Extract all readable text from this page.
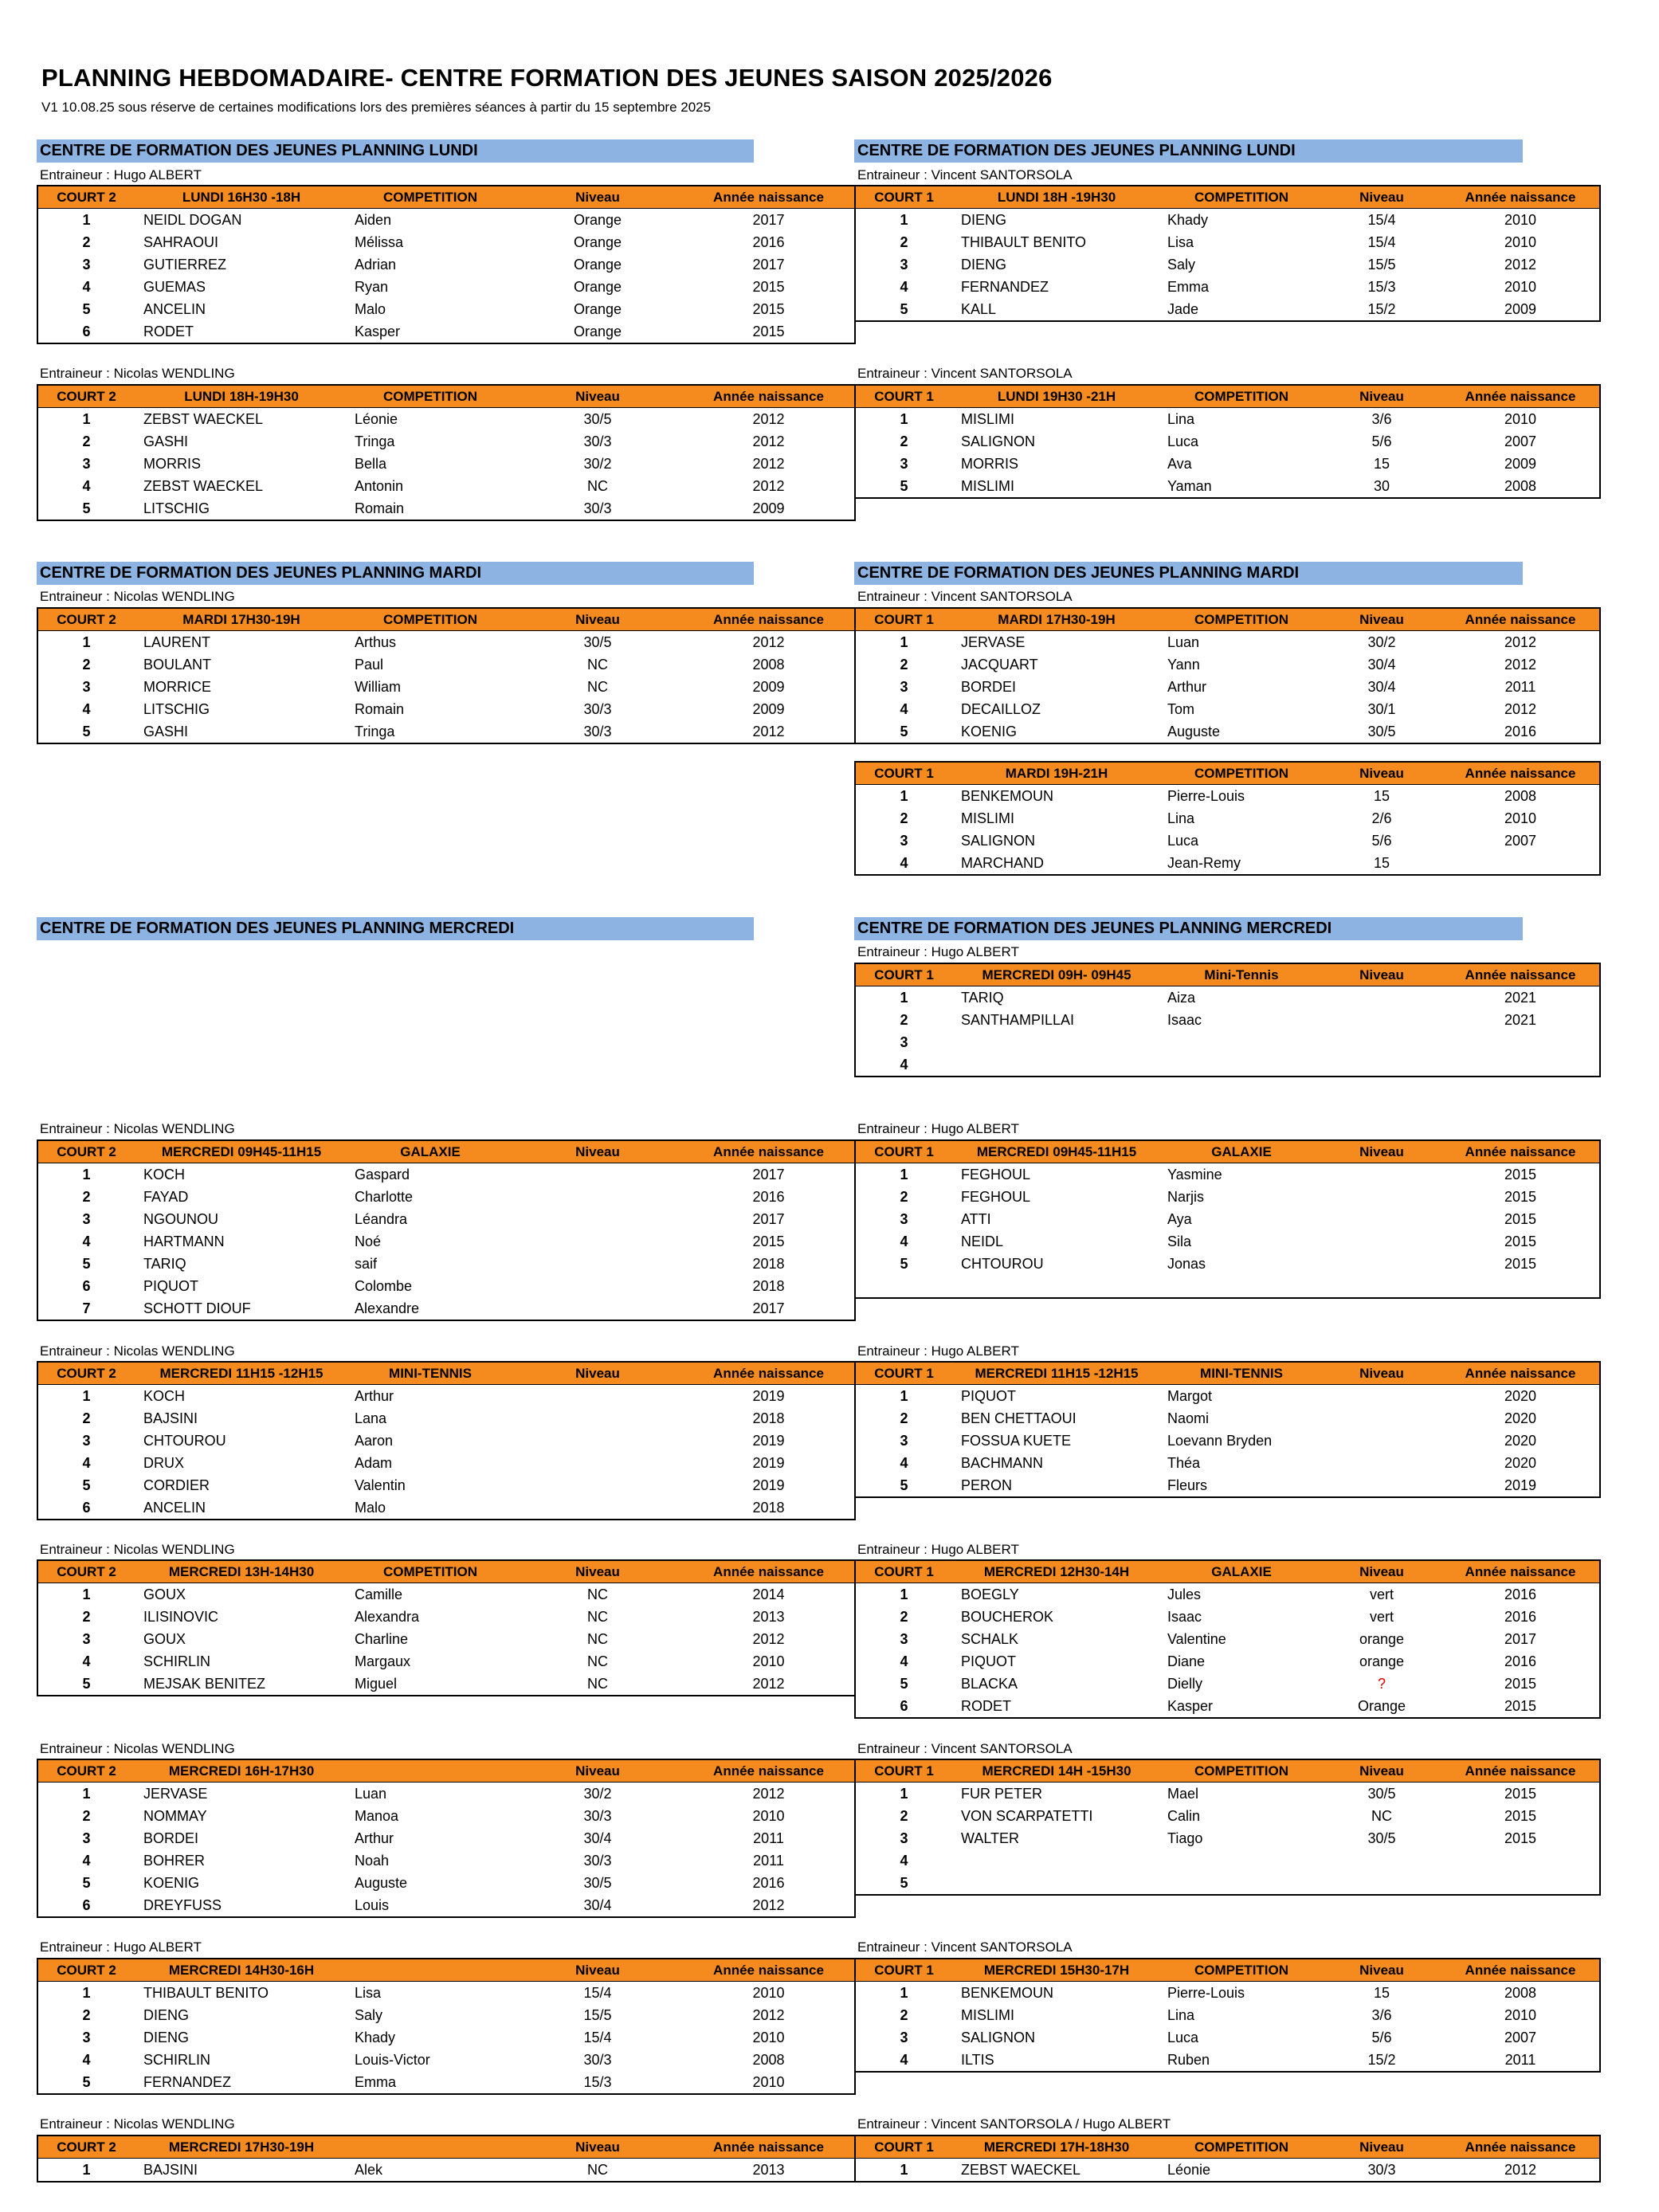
PLANNING HEBDOMADAIRE- CENTRE FORMATION DES JEUNES SAISON 2025/2026
V1 10.08.25 sous réserve de certaines modifications lors des premières séances à partir du 15 septembre 2025
CENTRE DE FORMATION DES JEUNES PLANNING LUNDI	CENTRE DE FORMATION DES JEUNES PLANNING LUNDI
CENTRE DE FORMATION DES JEUNES PLANNING MARDI	CENTRE DE FORMATION DES JEUNES PLANNING MARDI
CENTRE DE FORMATION DES JEUNES PLANNING MERCREDI	CENTRE DE FORMATION DES JEUNES PLANNING MERCREDI
Entraineur : Hugo ALBERT	Entraineur : Vincent SANTORSOLA
Entraineur : Nicolas WENDLING	Entraineur : Vincent SANTORSOLA
Entraineur : Nicolas WENDLING	Entraineur : Vincent SANTORSOLA
Entraineur : Hugo ALBERT
Entraineur : Nicolas WENDLING	Entraineur : Hugo ALBERT
Entraineur : Nicolas WENDLING	Entraineur : Hugo ALBERT
Entraineur : Nicolas WENDLING	Entraineur : Hugo ALBERT
Entraineur : Nicolas WENDLING	Entraineur : Vincent SANTORSOLA
Entraineur : Hugo ALBERT	Entraineur : Vincent SANTORSOLA
Entraineur : Nicolas WENDLING	Entraineur : Vincent SANTORSOLA / Hugo ALBERT
COURT 2	LUNDI 16H30 -18H	COMPETITION	Niveau	Année naissance
1	NEIDL DOGAN	Aiden	Orange	2017
2	SAHRAOUI	Mélissa	Orange	2016
3	GUTIERREZ	Adrian	Orange	2017
4	GUEMAS	Ryan	Orange	2015
5	ANCELIN	Malo	Orange	2015
6	RODET	Kasper	Orange	2015
COURT 1	LUNDI 18H -19H30	COMPETITION	Niveau	Année naissance
1	DIENG	Khady	15/4	2010
2	THIBAULT BENITO	Lisa	15/4	2010
3	DIENG	Saly	15/5	2012
4	FERNANDEZ	Emma	15/3	2010
5	KALL	Jade	15/2	2009
COURT 2	LUNDI 18H-19H30	COMPETITION	Niveau	Année naissance
1	ZEBST WAECKEL	Léonie	30/5	2012
2	GASHI	Tringa	30/3	2012
3	MORRIS	Bella	30/2	2012
4	ZEBST WAECKEL	Antonin	NC	2012
5	LITSCHIG	Romain	30/3	2009
COURT 1	LUNDI 19H30 -21H	COMPETITION	Niveau	Année naissance
1	MISLIMI	Lina	3/6	2010
2	SALIGNON	Luca	5/6	2007
3	MORRIS	Ava	15	2009
5	MISLIMI	Yaman	30	2008
COURT 2	MARDI 17H30-19H	COMPETITION	Niveau	Année naissance
1	LAURENT	Arthus	30/5	2012
2	BOULANT	Paul	NC	2008
3	MORRICE	William	NC	2009
4	LITSCHIG	Romain	30/3	2009
5	GASHI	Tringa	30/3	2012
COURT 1	MARDI 17H30-19H	COMPETITION	Niveau	Année naissance
1	JERVASE	Luan	30/2	2012
2	JACQUART	Yann	30/4	2012
3	BORDEI	Arthur	30/4	2011
4	DECAILLOZ	Tom	30/1	2012
5	KOENIG	Auguste	30/5	2016
COURT 1	MARDI 19H-21H	COMPETITION	Niveau	Année naissance
1	BENKEMOUN	Pierre-Louis	15	2008
2	MISLIMI	Lina	2/6	2010
3	SALIGNON	Luca	5/6	2007
4	MARCHAND	Jean-Remy	15	
COURT 1	MERCREDI 09H- 09H45	Mini-Tennis	Niveau	Année naissance
1	TARIQ	Aiza		2021
2	SANTHAMPILLAI	Isaac		2021
3				
4				
COURT 2	MERCREDI 09H45-11H15	GALAXIE	Niveau	Année naissance
1	KOCH	Gaspard		2017
2	FAYAD	Charlotte		2016
3	NGOUNOU	Léandra		2017
4	HARTMANN	Noé		2015
5	TARIQ	saif		2018
6	PIQUOT	Colombe		2018
7	SCHOTT DIOUF	Alexandre		2017
COURT 1	MERCREDI 09H45-11H15	GALAXIE	Niveau	Année naissance
1	FEGHOUL	Yasmine		2015
2	FEGHOUL	Narjis		2015
3	ATTI	Aya		2015
4	NEIDL	Sila		2015
5	CHTOUROU	Jonas		2015

COURT 2	MERCREDI 11H15 -12H15	MINI-TENNIS	Niveau	Année naissance
1	KOCH	Arthur		2019
2	BAJSINI	Lana		2018
3	CHTOUROU	Aaron		2019
4	DRUX	Adam		2019
5	CORDIER	Valentin		2019
6	ANCELIN	Malo		2018
COURT 1	MERCREDI 11H15 -12H15	MINI-TENNIS	Niveau	Année naissance
1	PIQUOT	Margot		2020
2	BEN CHETTAOUI	Naomi		2020
3	FOSSUA KUETE	Loevann Bryden		2020
4	BACHMANN	Théa		2020
5	PERON	Fleurs		2019
COURT 2	MERCREDI 13H-14H30	COMPETITION	Niveau	Année naissance
1	GOUX	Camille	NC	2014
2	ILISINOVIC	Alexandra	NC	2013
3	GOUX	Charline	NC	2012
4	SCHIRLIN	Margaux	NC	2010
5	MEJSAK BENITEZ	Miguel	NC	2012
COURT 1	MERCREDI 12H30-14H	GALAXIE	Niveau	Année naissance
1	BOEGLY	Jules	vert	2016
2	BOUCHEROK	Isaac	vert	2016
3	SCHALK	Valentine	orange	2017
4	PIQUOT	Diane	orange	2016
5	BLACKA	Dielly	?	2015
6	RODET	Kasper	Orange	2015
COURT 2	MERCREDI 16H-17H30		Niveau	Année naissance
1	JERVASE	Luan	30/2	2012
2	NOMMAY	Manoa	30/3	2010
3	BORDEI	Arthur	30/4	2011
4	BOHRER	Noah	30/3	2011
5	KOENIG	Auguste	30/5	2016
6	DREYFUSS	Louis	30/4	2012
COURT 1	MERCREDI 14H -15H30	COMPETITION	Niveau	Année naissance
1	FUR PETER	Mael	30/5	2015
2	VON SCARPATETTI	Calin	NC	2015
3	WALTER	Tiago	30/5	2015
4				
5				
COURT 2	MERCREDI 14H30-16H		Niveau	Année naissance
1	THIBAULT BENITO	Lisa	15/4	2010
2	DIENG	Saly	15/5	2012
3	DIENG	Khady	15/4	2010
4	SCHIRLIN	Louis-Victor	30/3	2008
5	FERNANDEZ	Emma	15/3	2010
COURT 1	MERCREDI 15H30-17H	COMPETITION	Niveau	Année naissance
1	BENKEMOUN	Pierre-Louis	15	2008
2	MISLIMI	Lina	3/6	2010
3	SALIGNON	Luca	5/6	2007
4	ILTIS	Ruben	15/2	2011
COURT 2	MERCREDI 17H30-19H		Niveau	Année naissance
1	BAJSINI	Alek	NC	2013
COURT 1	MERCREDI 17H-18H30	COMPETITION	Niveau	Année naissance
1	ZEBST WAECKEL	Léonie	30/3	2012
